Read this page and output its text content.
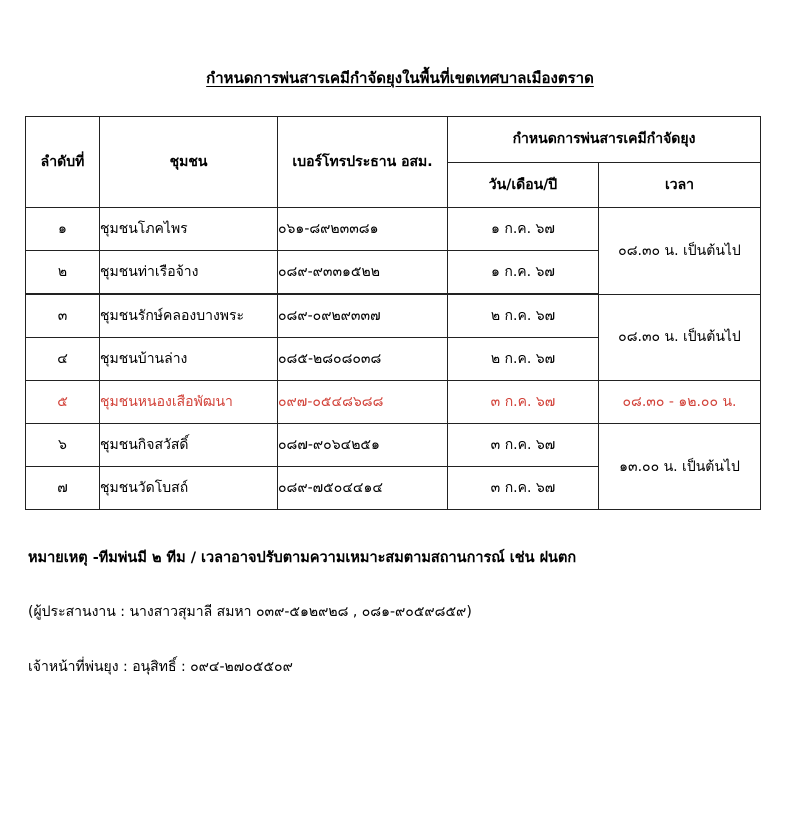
กำหนดการพ่นสารเคมีกำจัดยุงในพื้นที่เขตเทศบาลเมืองตราด
ลำดับที่	ชุมชน	เบอร์โทรประธาน อสม.	กำหนดการพ่นสารเคมีกำจัดยุง	
			วัน/เดือน/ปี	เวลา
๑	ชุมชนโภคไพร	๐๖๑-๘๙๒๓๓๘๑	๑ ก.ค. ๖๗	๐๘.๓๐ น. เป็นต้นไป
๒	ชุมชนท่าเรือจ้าง	๐๘๙-๙๓๓๑๕๒๒	๑ ก.ค. ๖๗	
๓	ชุมชนรักษ์คลองบางพระ	๐๘๙-๐๙๒๙๓๓๗	๒ ก.ค. ๖๗	๐๘.๓๐ น. เป็นต้นไป
๔	ชุมชนบ้านล่าง	๐๘๕-๒๘๐๘๐๓๘	๒ ก.ค. ๖๗	
๕	ชุมชนหนองเสือพัฒนา	๐๙๗-๐๕๔๘๖๘๘	๓ ก.ค. ๖๗	๐๘.๓๐ - ๑๒.๐๐ น.
๖	ชุมชนกิจสวัสดิ์	๐๘๗-๙๐๖๔๒๕๑	๓ ก.ค. ๖๗	๑๓.๐๐ น. เป็นต้นไป
๗	ชุมชนวัดโบสถ์	๐๘๙-๗๕๐๔๔๑๔	๓ ก.ค. ๖๗	
หมายเหตุ -ทีมพ่นมี ๒ ทีม / เวลาอาจปรับตามความเหมาะสมตามสถานการณ์ เช่น ฝนตก
(ผู้ประสานงาน : นางสาวสุมาลี สมหา ๐๓๙-๕๑๒๙๒๘ , ๐๘๑-๙๐๕๙๘๕๙)
เจ้าหน้าที่พ่นยุง : อนุสิทธิ์ : ๐๙๔-๒๗๐๕๕๐๙
